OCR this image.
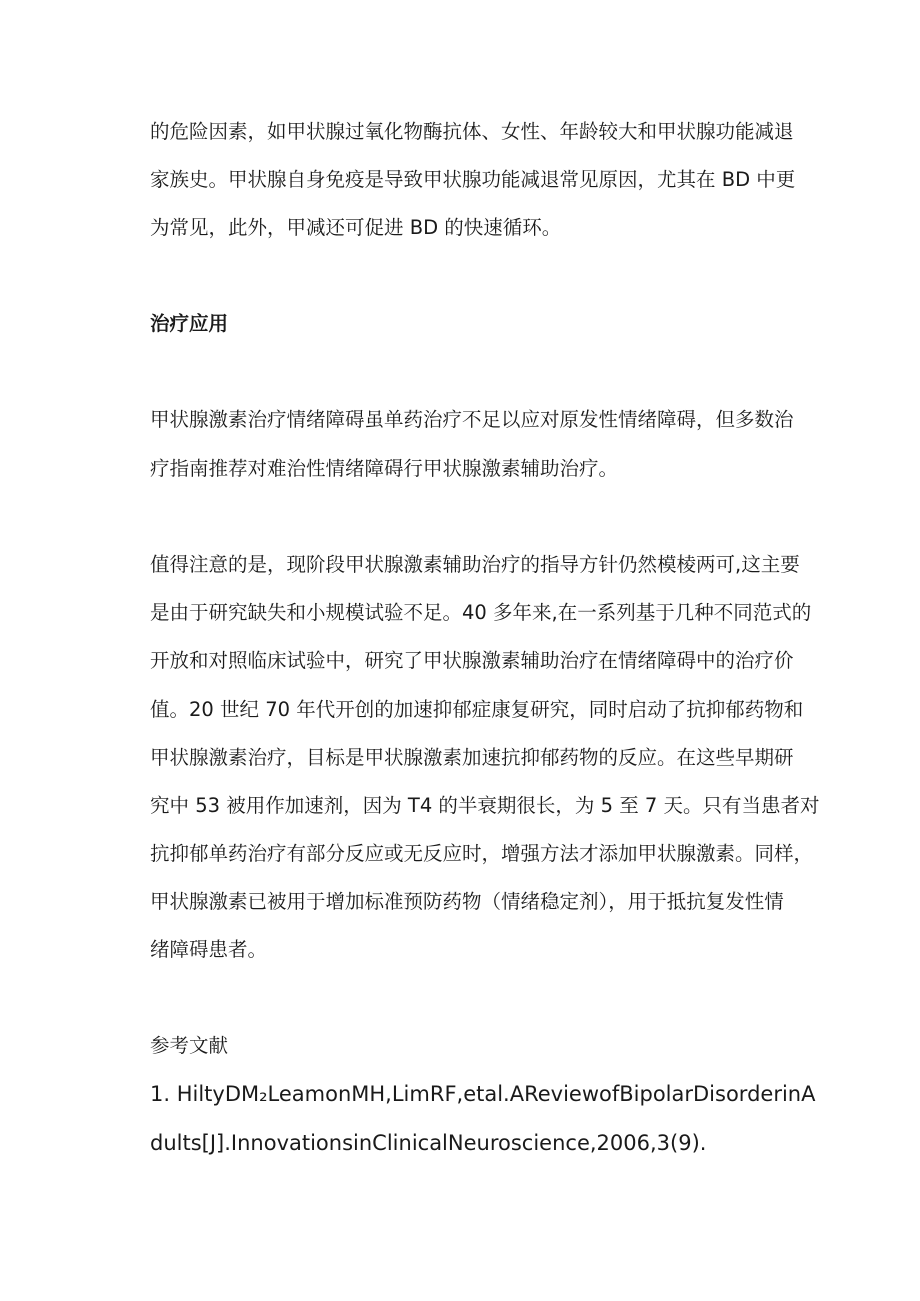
的危险因素，如甲状腺过氧化物酶抗体、女性、年龄较大和甲状腺功能减退
家族史。甲状腺自身免疫是导致甲状腺功能减退常见原因，尤其在 BD 中更
为常见，此外，甲减还可促进 BD 的快速循环。
治疗应用
甲状腺激素治疗情绪障碍虽单药治疗不足以应对原发性情绪障碍，但多数治
疗指南推荐对难治性情绪障碍行甲状腺激素辅助治疗。
值得注意的是，现阶段甲状腺激素辅助治疗的指导方针仍然模棱两可,这主要
是由于研究缺失和小规模试验不足。40 多年来,在一系列基于几种不同范式的
开放和对照临床试验中，研究了甲状腺激素辅助治疗在情绪障碍中的治疗价
值。20 世纪 70 年代开创的加速抑郁症康复研究，同时启动了抗抑郁药物和
甲状腺激素治疗，目标是甲状腺激素加速抗抑郁药物的反应。在这些早期研
究中 53 被用作加速剂，因为 T4 的半衰期很长，为 5 至 7 天。只有当患者对
抗抑郁单药治疗有部分反应或无反应时，增强方法才添加甲状腺激素。同样，
甲状腺激素已被用于增加标准预防药物（情绪稳定剂），用于抵抗复发性情
绪障碍患者。
参考文献
1. HiltyDM₂LeamonMH,LimRF,etal.AReviewofBipolarDisorderinA
dults[J].InnovationsinClinicalNeuroscience,2006,3(9).
